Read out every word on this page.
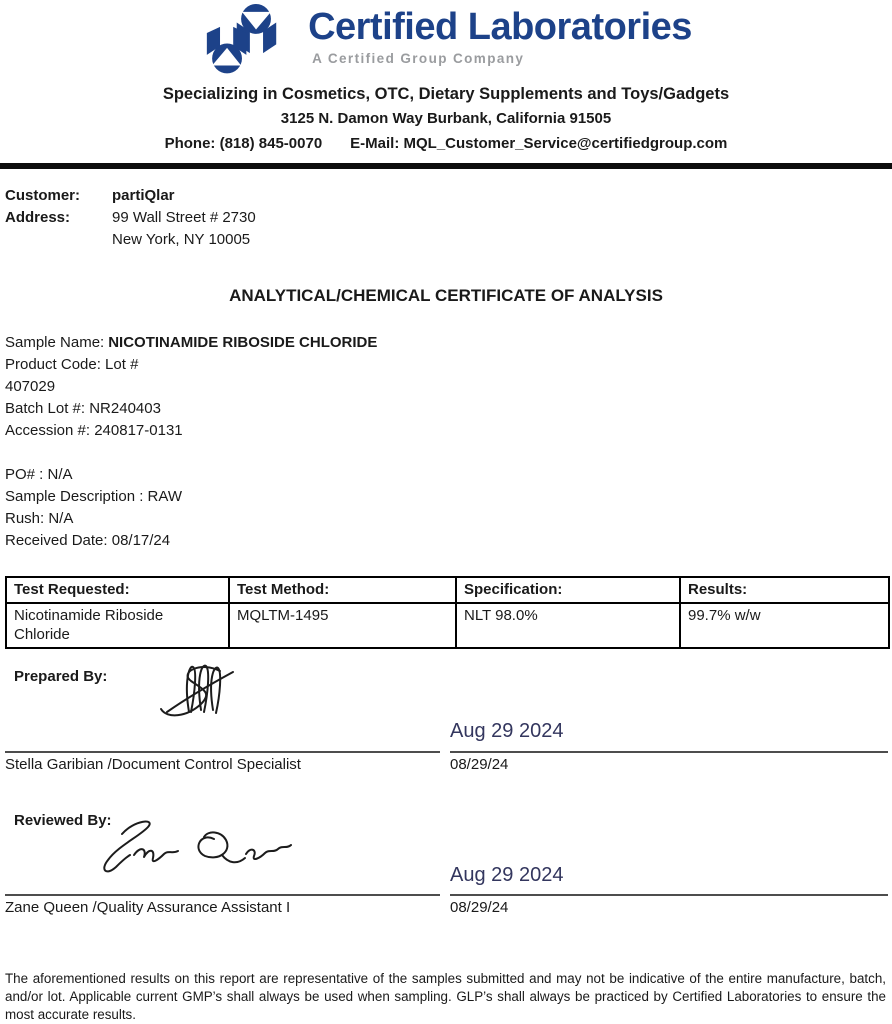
Certified Laboratories
A Certified Group Company
Specializing in Cosmetics, OTC, Dietary Supplements and Toys/Gadgets
3125 N. Damon Way Burbank, California 91505
Phone: (818) 845-0070 E-Mail: MQL_Customer_Service@certifiedgroup.com
Customer:	partiQlar
Address:	99 Wall Street # 2730
New York, NY 10005
ANALYTICAL/CHEMICAL CERTIFICATE OF ANALYSIS
Sample Name: NICOTINAMIDE RIBOSIDE CHLORIDE
Product Code: Lot #
407029
Batch Lot #: NR240403
Accession #: 240817-0131
PO# : N/A
Sample Description : RAW
Rush: N/A
Received Date: 08/17/24
Test Requested:	Test Method:	Specification:	Results:
Nicotinamide Riboside Chloride	MQLTM-1495	NLT 98.0%	99.7% w/w
Prepared By:
Aug 29 2024
Stella Garibian /Document Control Specialist	08/29/24
Reviewed By:
Aug 29 2024
Zane Queen /Quality Assurance Assistant I	08/29/24
The aforementioned results on this report are representative of the samples submitted and may not be indicative of the entire manufacture, batch, and/or lot. Applicable current GMP’s shall always be used when sampling. GLP’s shall always be practiced by Certified Laboratories to ensure the most accurate results.
